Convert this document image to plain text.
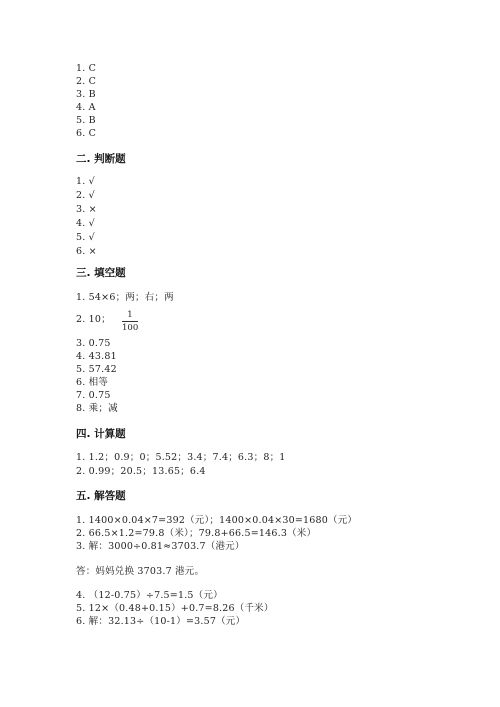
1. C
2. C
3. B
4. A
5. B
6. C
二. 判断题
1. √
2. √
3. ×
4. √
5. √
6. ×
三. 填空题
1. 54×6；两；右；两
2. 10；	1
100
3. 0.75
4. 43.81
5. 57.42
6. 相等
7. 0.75
8. 乘；减
四. 计算题
1. 1.2；0.9；0；5.52；3.4；7.4；6.3；8；1
2. 0.99；20.5；13.65；6.4
五. 解答题
1. 1400×0.04×7=392（元）；1400×0.04×30=1680（元）
2. 66.5×1.2=79.8（米）；79.8+66.5=146.3（米）
3. 解：3000÷0.81≈3703.7（港元）
答：妈妈兑换 3703.7 港元。
4. （12-0.75）÷7.5=1.5（元）
5. 12×（0.48+0.15）+0.7=8.26（千米）
6. 解：32.13÷（10-1）=3.57（元）
